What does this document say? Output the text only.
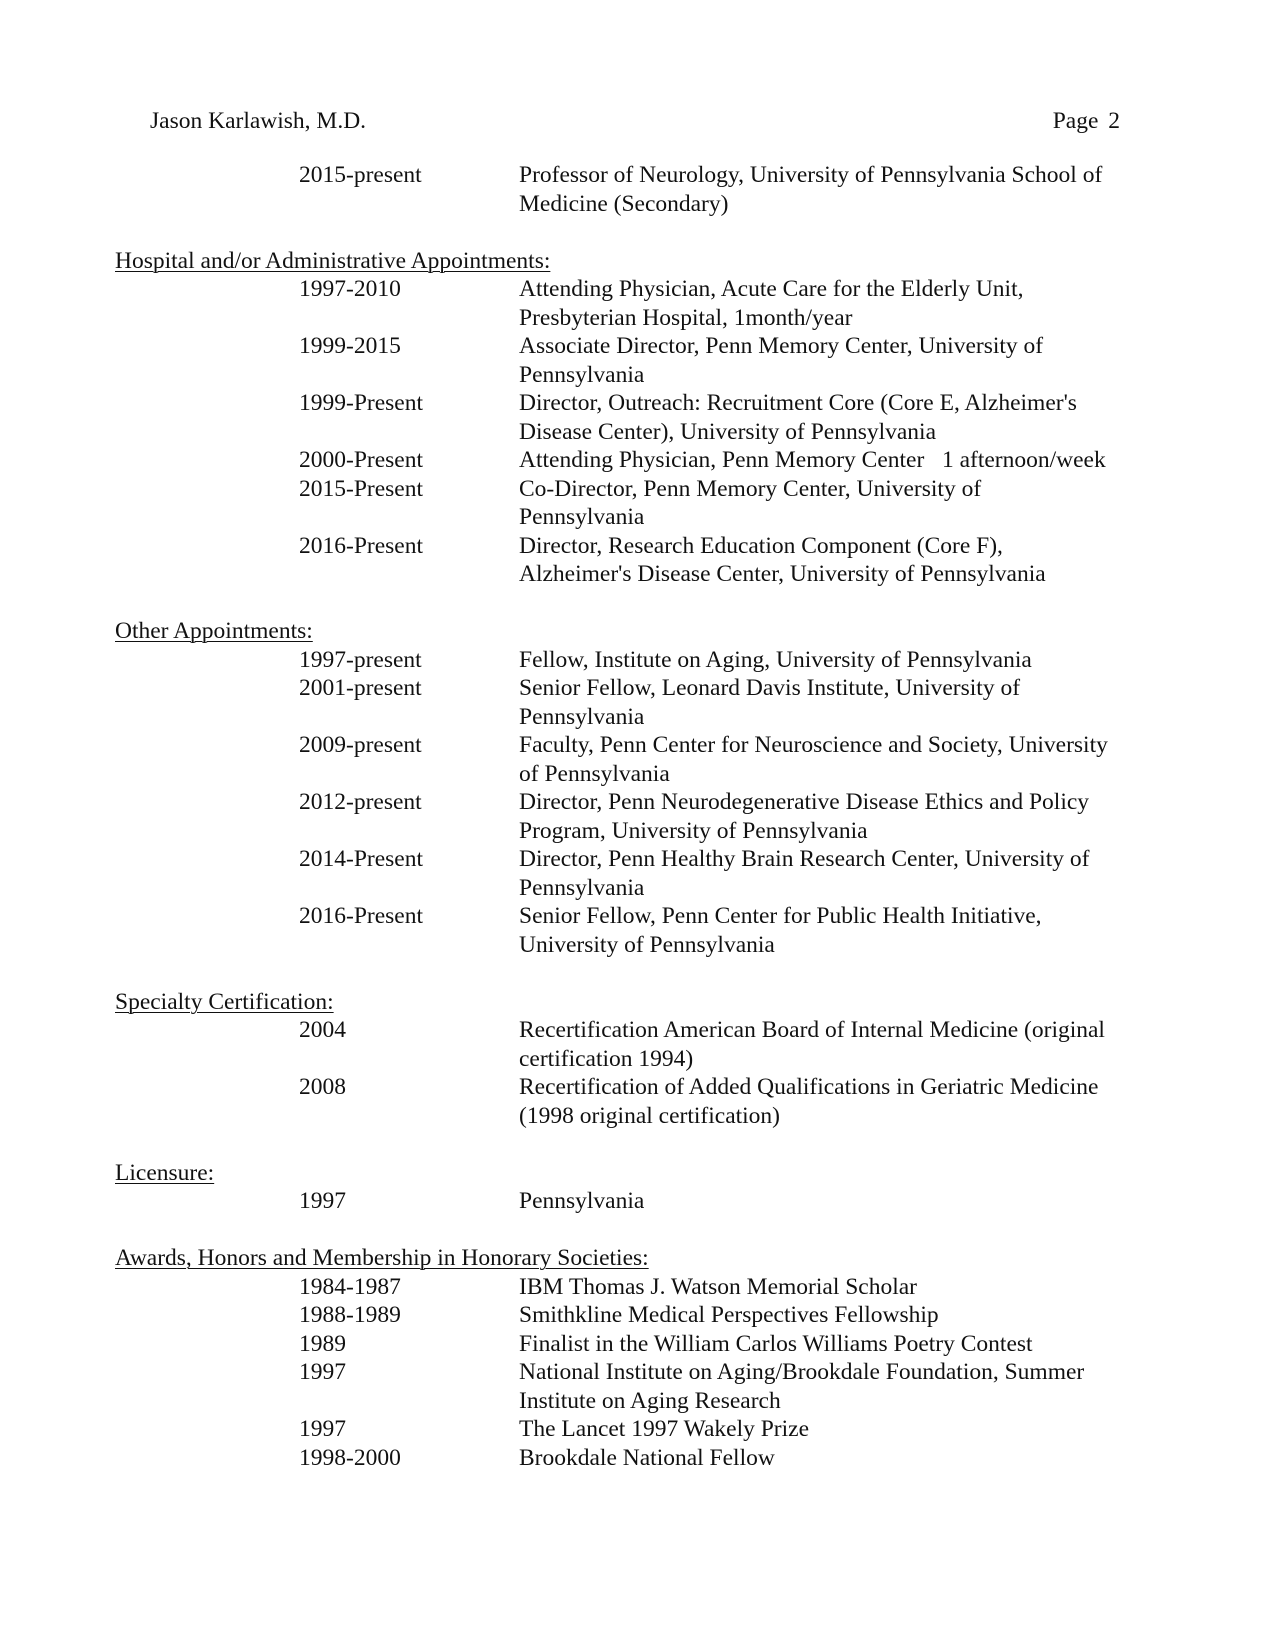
Jason Karlawish, M.D.	Page 2
2015-present	Professor of Neurology, University of Pennsylvania School of
Medicine (Secondary)
Hospital and/or Administrative Appointments:
1997-2010	Attending Physician, Acute Care for the Elderly Unit,
Presbyterian Hospital, 1month/year
1999-2015	Associate Director, Penn Memory Center, University of
Pennsylvania
1999-Present	Director, Outreach: Recruitment Core (Core E, Alzheimer's
Disease Center), University of Pennsylvania
2000-Present	Attending Physician, Penn Memory Center   1 afternoon/week
2015-Present	Co-Director, Penn Memory Center, University of
Pennsylvania
2016-Present	Director, Research Education Component (Core F),
Alzheimer's Disease Center, University of Pennsylvania
Other Appointments:
1997-present	Fellow, Institute on Aging, University of Pennsylvania
2001-present	Senior Fellow, Leonard Davis Institute, University of
Pennsylvania
2009-present	Faculty, Penn Center for Neuroscience and Society, University
of Pennsylvania
2012-present	Director, Penn Neurodegenerative Disease Ethics and Policy
Program, University of Pennsylvania
2014-Present	Director, Penn Healthy Brain Research Center, University of
Pennsylvania
2016-Present	Senior Fellow, Penn Center for Public Health Initiative,
University of Pennsylvania
Specialty Certification:
2004	Recertification American Board of Internal Medicine (original
certification 1994)
2008	Recertification of Added Qualifications in Geriatric Medicine
(1998 original certification)
Licensure:
1997	Pennsylvania
Awards, Honors and Membership in Honorary Societies:
1984-1987	IBM Thomas J. Watson Memorial Scholar
1988-1989	Smithkline Medical Perspectives Fellowship
1989	Finalist in the William Carlos Williams Poetry Contest
1997	National Institute on Aging/Brookdale Foundation, Summer
Institute on Aging Research
1997	The Lancet 1997 Wakely Prize
1998-2000	Brookdale National Fellow
